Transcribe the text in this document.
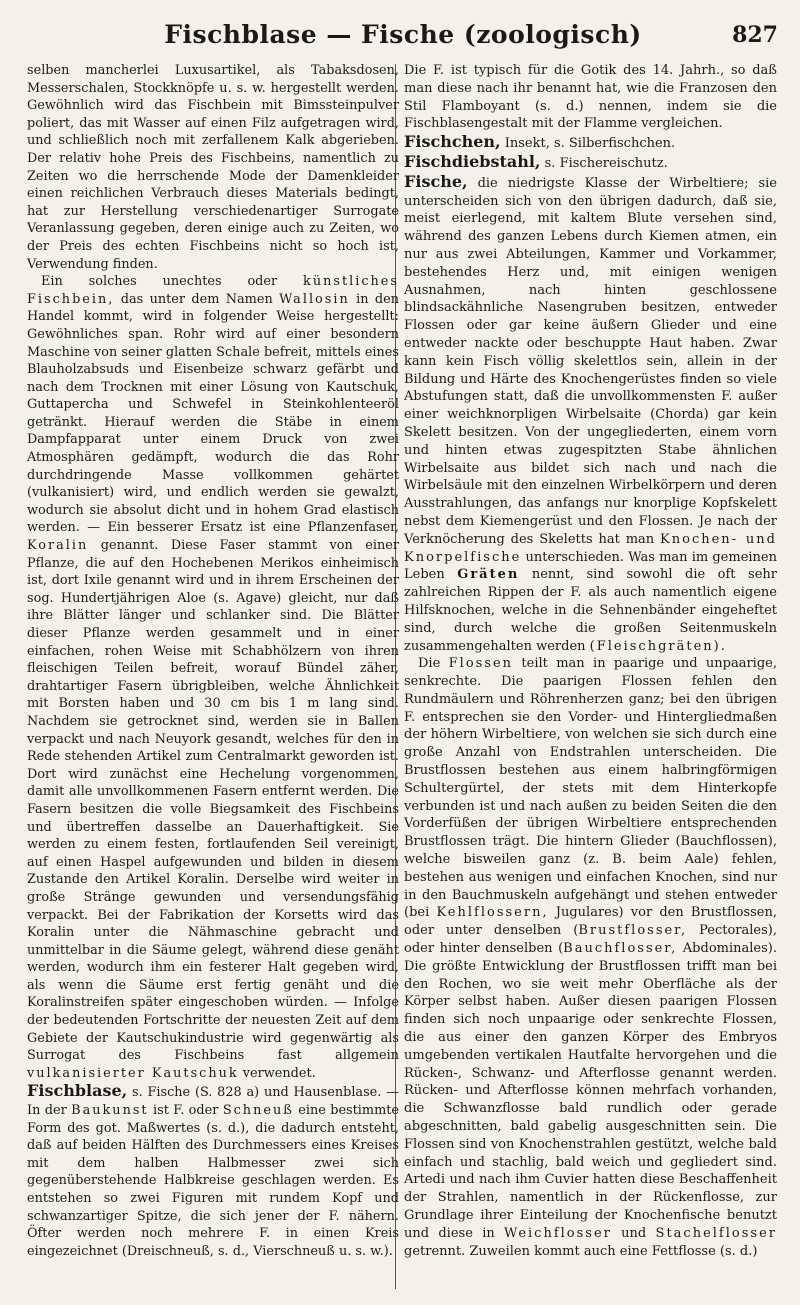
Fischblase — Fische (zoologisch)	827

selben mancherlei Luxusartikel, als Tabaksdosen, Messerschalen, Stockknöpfe u. s. w. hergestellt werden. Gewöhnlich wird das Fischbein mit Bimssteinpulver poliert, das mit Wasser auf einen Filz aufgetragen wird, und schließlich noch mit zerfallenem Kalk abgerieben. Der relativ hohe Preis des Fischbeins, namentlich zu Zeiten wo die herrschende Mode der Damenkleider einen reichlichen Verbrauch dieses Materials bedingt, hat zur Herstellung verschiedenartiger Surrogate Veranlassung gegeben, deren einige auch zu Zeiten, wo der Preis des echten Fischbeins nicht so hoch ist, Verwendung finden.

Ein solches unechtes oder künstliches Fischbein, das unter dem Namen Wallosin in den Handel kommt, wird in folgender Weise hergestellt: Gewöhnliches span. Rohr wird auf einer besondern Maschine von seiner glatten Schale befreit, mittels eines Blauholzabsuds und Eisenbeize schwarz gefärbt und nach dem Trocknen mit einer Lösung von Kautschuk, Guttapercha und Schwefel in Steinkohlenteeröl getränkt. Hierauf werden die Stäbe in einem Dampfapparat unter einem Druck von zwei Atmosphären gedämpft, wodurch die das Rohr durchdringende Masse vollkommen gehärtet (vulkanisiert) wird, und endlich werden sie gewalzt, wodurch sie absolut dicht und in hohem Grad elastisch werden. — Ein besserer Ersatz ist eine Pflanzenfaser, Koralin genannt. Diese Faser stammt von einer Pflanze, die auf den Hochebenen Merikos einheimisch ist, dort Ixile genannt wird und in ihrem Erscheinen der sog. Hundertjährigen Aloe (s. Agave) gleicht, nur daß ihre Blätter länger und schlanker sind. Die Blätter dieser Pflanze werden gesammelt und in einer einfachen, rohen Weise mit Schabhölzern von ihren fleischigen Teilen befreit, worauf Bündel zäher, drahtartiger Fasern übrigbleiben, welche Ähnlichkeit mit Borsten haben und 30 cm bis 1 m lang sind. Nachdem sie getrocknet sind, werden sie in Ballen verpackt und nach Neuyork gesandt, welches für den in Rede stehenden Artikel zum Centralmarkt geworden ist. Dort wird zunächst eine Hechelung vorgenommen, damit alle unvollkommenen Fasern entfernt werden. Die Fasern besitzen die volle Biegsamkeit des Fischbeins und übertreffen dasselbe an Dauerhaftigkeit. Sie werden zu einem festen, fortlaufenden Seil vereinigt, auf einen Haspel aufgewunden und bilden in diesem Zustande den Artikel Koralin. Derselbe wird weiter in große Stränge gewunden und versendungsfähig verpackt. Bei der Fabrikation der Korsetts wird das Koralin unter die Nähmaschine gebracht und unmittelbar in die Säume gelegt, während diese genäht werden, wodurch ihm ein festerer Halt gegeben wird, als wenn die Säume erst fertig genäht und die Koralinstreifen später eingeschoben würden. — Infolge der bedeutenden Fortschritte der neuesten Zeit auf dem Gebiete der Kautschukindustrie wird gegenwärtig als Surrogat des Fischbeins fast allgemein vulkanisierter Kautschuk verwendet.

Fischblase, s. Fische (S. 828 a) und Hausenblase. — In der Baukunst ist F. oder Schneuß eine bestimmte Form des got. Maßwertes (s. d.), die dadurch entsteht, daß auf beiden Hälften des Durchmessers eines Kreises mit dem halben Halbmesser zwei sich gegenüberstehende Halbkreise geschlagen werden. Es entstehen so zwei Figuren mit rundem Kopf und schwanzartiger Spitze, die sich jener der F. nähern. Öfter werden noch mehrere F. in einen Kreis eingezeichnet (Dreischneuß, s. d., Vierschneuß u. s. w.).

Die F. ist typisch für die Gotik des 14. Jahrh., so daß man diese nach ihr benannt hat, wie die Franzosen den Stil Flamboyant (s. d.) nennen, indem sie die Fischblasengestalt mit der Flamme vergleichen.

Fischchen, Insekt, s. Silberfischchen.

Fischdiebstahl, s. Fischereischutz.

Fische, die niedrigste Klasse der Wirbeltiere; sie unterscheiden sich von den übrigen dadurch, daß sie, meist eierlegend, mit kaltem Blute versehen sind, während des ganzen Lebens durch Kiemen atmen, ein nur aus zwei Abteilungen, Kammer und Vorkammer, bestehendes Herz und, mit einigen wenigen Ausnahmen, nach hinten geschlossene blindsackähnliche Nasengruben besitzen, entweder Flossen oder gar keine äußern Glieder und eine entweder nackte oder beschuppte Haut haben. Zwar kann kein Fisch völlig skelettlos sein, allein in der Bildung und Härte des Knochengerüstes finden so viele Abstufungen statt, daß die unvollkommensten F. außer einer weichknorpligen Wirbelsaite (Chorda) gar kein Skelett besitzen. Von der ungegliederten, einem vorn und hinten etwas zugespitzten Stabe ähnlichen Wirbelsaite aus bildet sich nach und nach die Wirbelsäule mit den einzelnen Wirbelkörpern und deren Ausstrahlungen, das anfangs nur knorplige Kopfskelett nebst dem Kiemengerüst und den Flossen. Je nach der Verknöcherung des Skeletts hat man Knochen- und Knorpelfische unterschieden. Was man im gemeinen Leben Gräten nennt, sind sowohl die oft sehr zahlreichen Rippen der F. als auch namentlich eigene Hilfsknochen, welche in die Sehnenbänder eingeheftet sind, durch welche die großen Seitenmuskeln zusammengehalten werden (Fleischgräten).

Die Flossen teilt man in paarige und unpaarige, senkrechte. Die paarigen Flossen fehlen den Rundmäulern und Röhrenherzen ganz; bei den übrigen F. entsprechen sie den Vorder- und Hintergliedmaßen der höhern Wirbeltiere, von welchen sie sich durch eine große Anzahl von Endstrahlen unterscheiden. Die Brustflossen bestehen aus einem halbringförmigen Schultergürtel, der stets mit dem Hinterkopfe verbunden ist und nach außen zu beiden Seiten die den Vorderfüßen der übrigen Wirbeltiere entsprechenden Brustflossen trägt. Die hintern Glieder (Bauchflossen), welche bisweilen ganz (z. B. beim Aale) fehlen, bestehen aus wenigen und einfachen Knochen, sind nur in den Bauchmuskeln aufgehängt und stehen entweder (bei Kehlflossern, Jugulares) vor den Brustflossen, oder unter denselben (Brustflosser, Pectorales), oder hinter denselben (Bauchflosser, Abdominales). Die größte Entwicklung der Brustflossen trifft man bei den Rochen, wo sie weit mehr Oberfläche als der Körper selbst haben. Außer diesen paarigen Flossen finden sich noch unpaarige oder senkrechte Flossen, die aus einer den ganzen Körper des Embryos umgebenden vertikalen Hautfalte hervorgehen und die Rücken-, Schwanz- und Afterflosse genannt werden. Rücken- und Afterflosse können mehrfach vorhanden, die Schwanzflosse bald rundlich oder gerade abgeschnitten, bald gabelig ausgeschnitten sein. Die Flossen sind von Knochenstrahlen gestützt, welche bald einfach und stachlig, bald weich und gegliedert sind. Artedi und nach ihm Cuvier hatten diese Beschaffenheit der Strahlen, namentlich in der Rückenflosse, zur Grundlage ihrer Einteilung der Knochenfische benutzt und diese in Weichflosser und Stachelflosser getrennt. Zuweilen kommt auch eine Fettflosse (s. d.)
